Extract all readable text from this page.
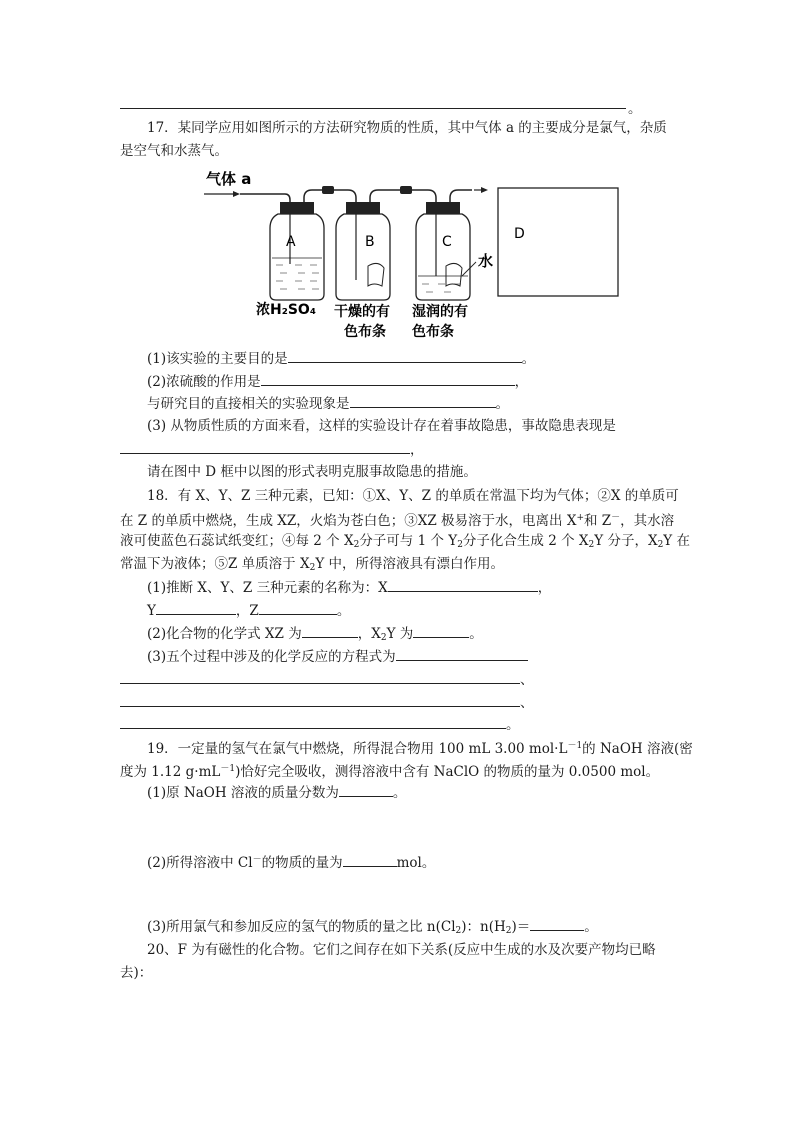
。
17．某同学应用如图所示的方法研究物质的性质，其中气体 a 的主要成分是氯气，杂质
是空气和水蒸气。
气体 a
A	B	C
水
D
浓H₂SO₄ 干燥的有
色布条
湿润的有
色布条
(1)该实验的主要目的是	。
(2)浓硫酸的作用是	，
与研究目的直接相关的实验现象是	。
(3) 从物质性质的方面来看，这样的实验设计存在着事故隐患，事故隐患表现是
，
请在图中 D 框中以图的形式表明克服事故隐患的措施。
18．有 X、Y、Z 三种元素，已知：①X、Y、Z 的单质在常温下均为气体；②X 的单质可
在 Z 的单质中燃烧，生成 XZ，火焰为苍白色；③XZ 极易溶于水，电离出 X+和 Z－，其水溶
液可使蓝色石蕊试纸变红；④每 2 个 $X_2$分子可与 1 个 $Y_2$分子化合生成 2 个 $X_2Y$ 分子，$X_2Y$ 在
常温下为液体；⑤Z 单质溶于 $X_2Y$ 中，所得溶液具有漂白作用。
(1)推断 X、Y、Z 三种元素的名称为：X	，
Y	，Z	。
(2)化合物的化学式 XZ 为	，$X_2Y$ 为	。
(3)五个过程中涉及的化学反应的方程式为
、
、
。
19．一定量的氢气在氯气中燃烧，所得混合物用 100 mL 3.00 $mol\cdot L^{-1}$的 NaOH 溶液(密
度为 1.12 $g\cdot mL^{-1}$)恰好完全吸收，测得溶液中含有 NaClO 的物质的量为 0.0500 mol。
(1)原 NaOH 溶液的质量分数为	。
(2)所得溶液中 Cl－的物质的量为	mol。
(3)所用氯气和参加反应的氢气的物质的量之比 $n(Cl_2)$：$n(H_2)=$	。
20、F 为有磁性的化合物。它们之间存在如下关系(反应中生成的水及次要产物均已略
去)：
